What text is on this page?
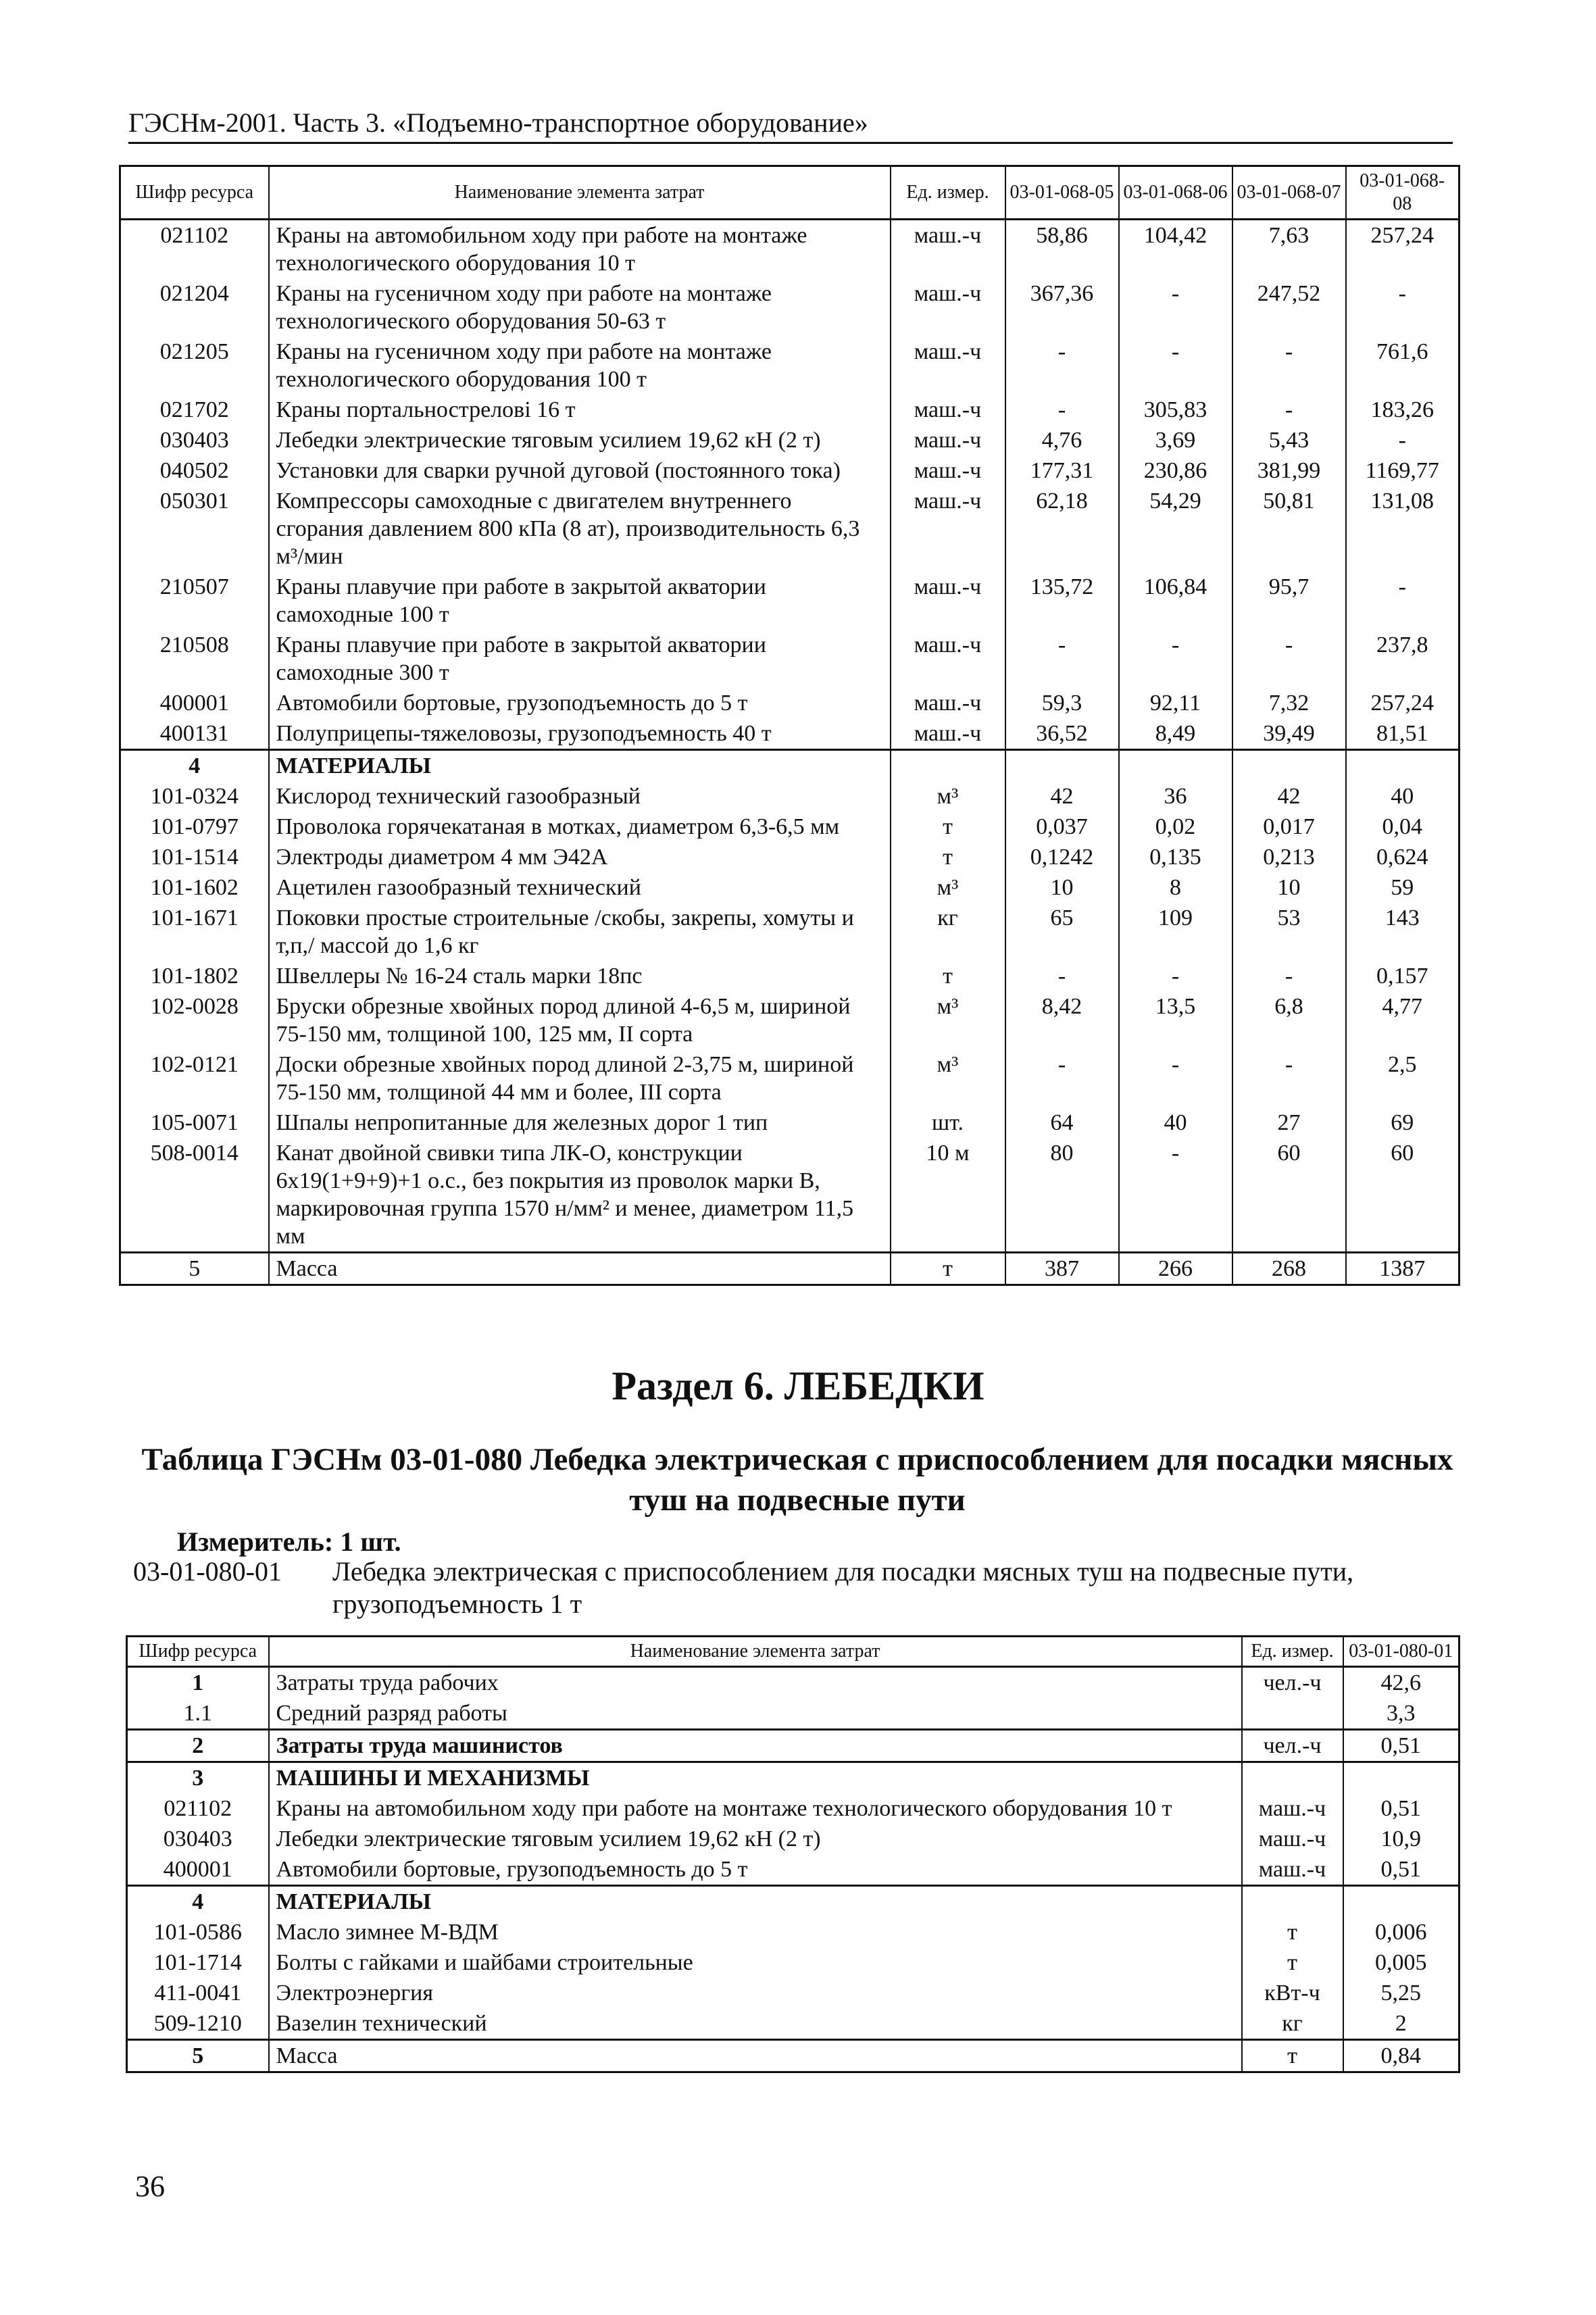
ГЭСНм-2001. Часть 3. «Подъемно-транспортное оборудование»
Шифр ресурса	Наименование элемента затрат	Ед. измер.	03-01-068-05	03-01-068-06	03-01-068-07	03-01-068-08
021102	Краны на автомобильном ходу при работе на монтаже технологического оборудования 10 т	маш.-ч	58,86	104,42	7,63	257,24
021204	Краны на гусеничном ходу при работе на монтаже технологического оборудования 50-63 т	маш.-ч	367,36	-	247,52	-
021205	Краны на гусеничном ходу при работе на монтаже технологического оборудования 100 т	маш.-ч	-	-	-	761,6
021702	Краны портальнострелові 16 т	маш.-ч	-	305,83	-	183,26
030403	Лебедки электрические тяговым усилием 19,62 кН (2 т)	маш.-ч	4,76	3,69	5,43	-
040502	Установки для сварки ручной дуговой (постоянного тока)	маш.-ч	177,31	230,86	381,99	1169,77
050301	Компрессоры самоходные с двигателем внутреннего сгорания давлением 800 кПа (8 ат), производительность 6,3 м³/мин	маш.-ч	62,18	54,29	50,81	131,08
210507	Краны плавучие при работе в закрытой акватории самоходные 100 т	маш.-ч	135,72	106,84	95,7	-
210508	Краны плавучие при работе в закрытой акватории самоходные 300 т	маш.-ч	-	-	-	237,8
400001	Автомобили бортовые, грузоподъемность до 5 т	маш.-ч	59,3	92,11	7,32	257,24
400131	Полуприцепы-тяжеловозы, грузоподъемность 40 т	маш.-ч	36,52	8,49	39,49	81,51
4	МАТЕРИАЛЫ					
101-0324	Кислород технический газообразный	м³	42	36	42	40
101-0797	Проволока горячекатаная в мотках, диаметром 6,3-6,5 мм	т	0,037	0,02	0,017	0,04
101-1514	Электроды диаметром 4 мм Э42А	т	0,1242	0,135	0,213	0,624
101-1602	Ацетилен газообразный технический	м³	10	8	10	59
101-1671	Поковки простые строительные /скобы, закрепы, хомуты и т,п,/ массой до 1,6 кг	кг	65	109	53	143
101-1802	Швеллеры № 16-24 сталь марки 18пс	т	-	-	-	0,157
102-0028	Бруски обрезные хвойных пород длиной 4-6,5 м, шириной 75-150 мм, толщиной 100, 125 мм, II сорта	м³	8,42	13,5	6,8	4,77
102-0121	Доски обрезные хвойных пород длиной 2-3,75 м, шириной 75-150 мм, толщиной 44 мм и более, III сорта	м³	-	-	-	2,5
105-0071	Шпалы непропитанные для железных дорог 1 тип	шт.	64	40	27	69
508-0014	Канат двойной свивки типа ЛК-О, конструкции 6х19(1+9+9)+1 о.с., без покрытия из проволок марки В, маркировочная группа 1570 н/мм² и менее, диаметром 11,5 мм	10 м	80	-	60	60
5	Масса	т	387	266	268	1387
Раздел 6. ЛЕБЕДКИ
Таблица ГЭСНм 03-01-080 Лебедка электрическая с приспособлением для посадки мясных туш на подвесные пути
Измеритель: 1 шт.
03-01-080-01 Лебедка электрическая с приспособлением для посадки мясных туш на подвесные пути, грузоподъемность 1 т
Шифр ресурса	Наименование элемента затрат	Ед. измер.	03-01-080-01
1	Затраты труда рабочих	чел.-ч	42,6
1.1	Средний разряд работы		3,3
2	Затраты труда машинистов	чел.-ч	0,51
3	МАШИНЫ И МЕХАНИЗМЫ		
021102	Краны на автомобильном ходу при работе на монтаже технологического оборудования 10 т	маш.-ч	0,51
030403	Лебедки электрические тяговым усилием 19,62 кН (2 т)	маш.-ч	10,9
400001	Автомобили бортовые, грузоподъемность до 5 т	маш.-ч	0,51
4	МАТЕРИАЛЫ		
101-0586	Масло зимнее М-ВДМ	т	0,006
101-1714	Болты с гайками и шайбами строительные	т	0,005
411-0041	Электроэнергия	кВт-ч	5,25
509-1210	Вазелин технический	кг	2
5	Масса	т	0,84
36
